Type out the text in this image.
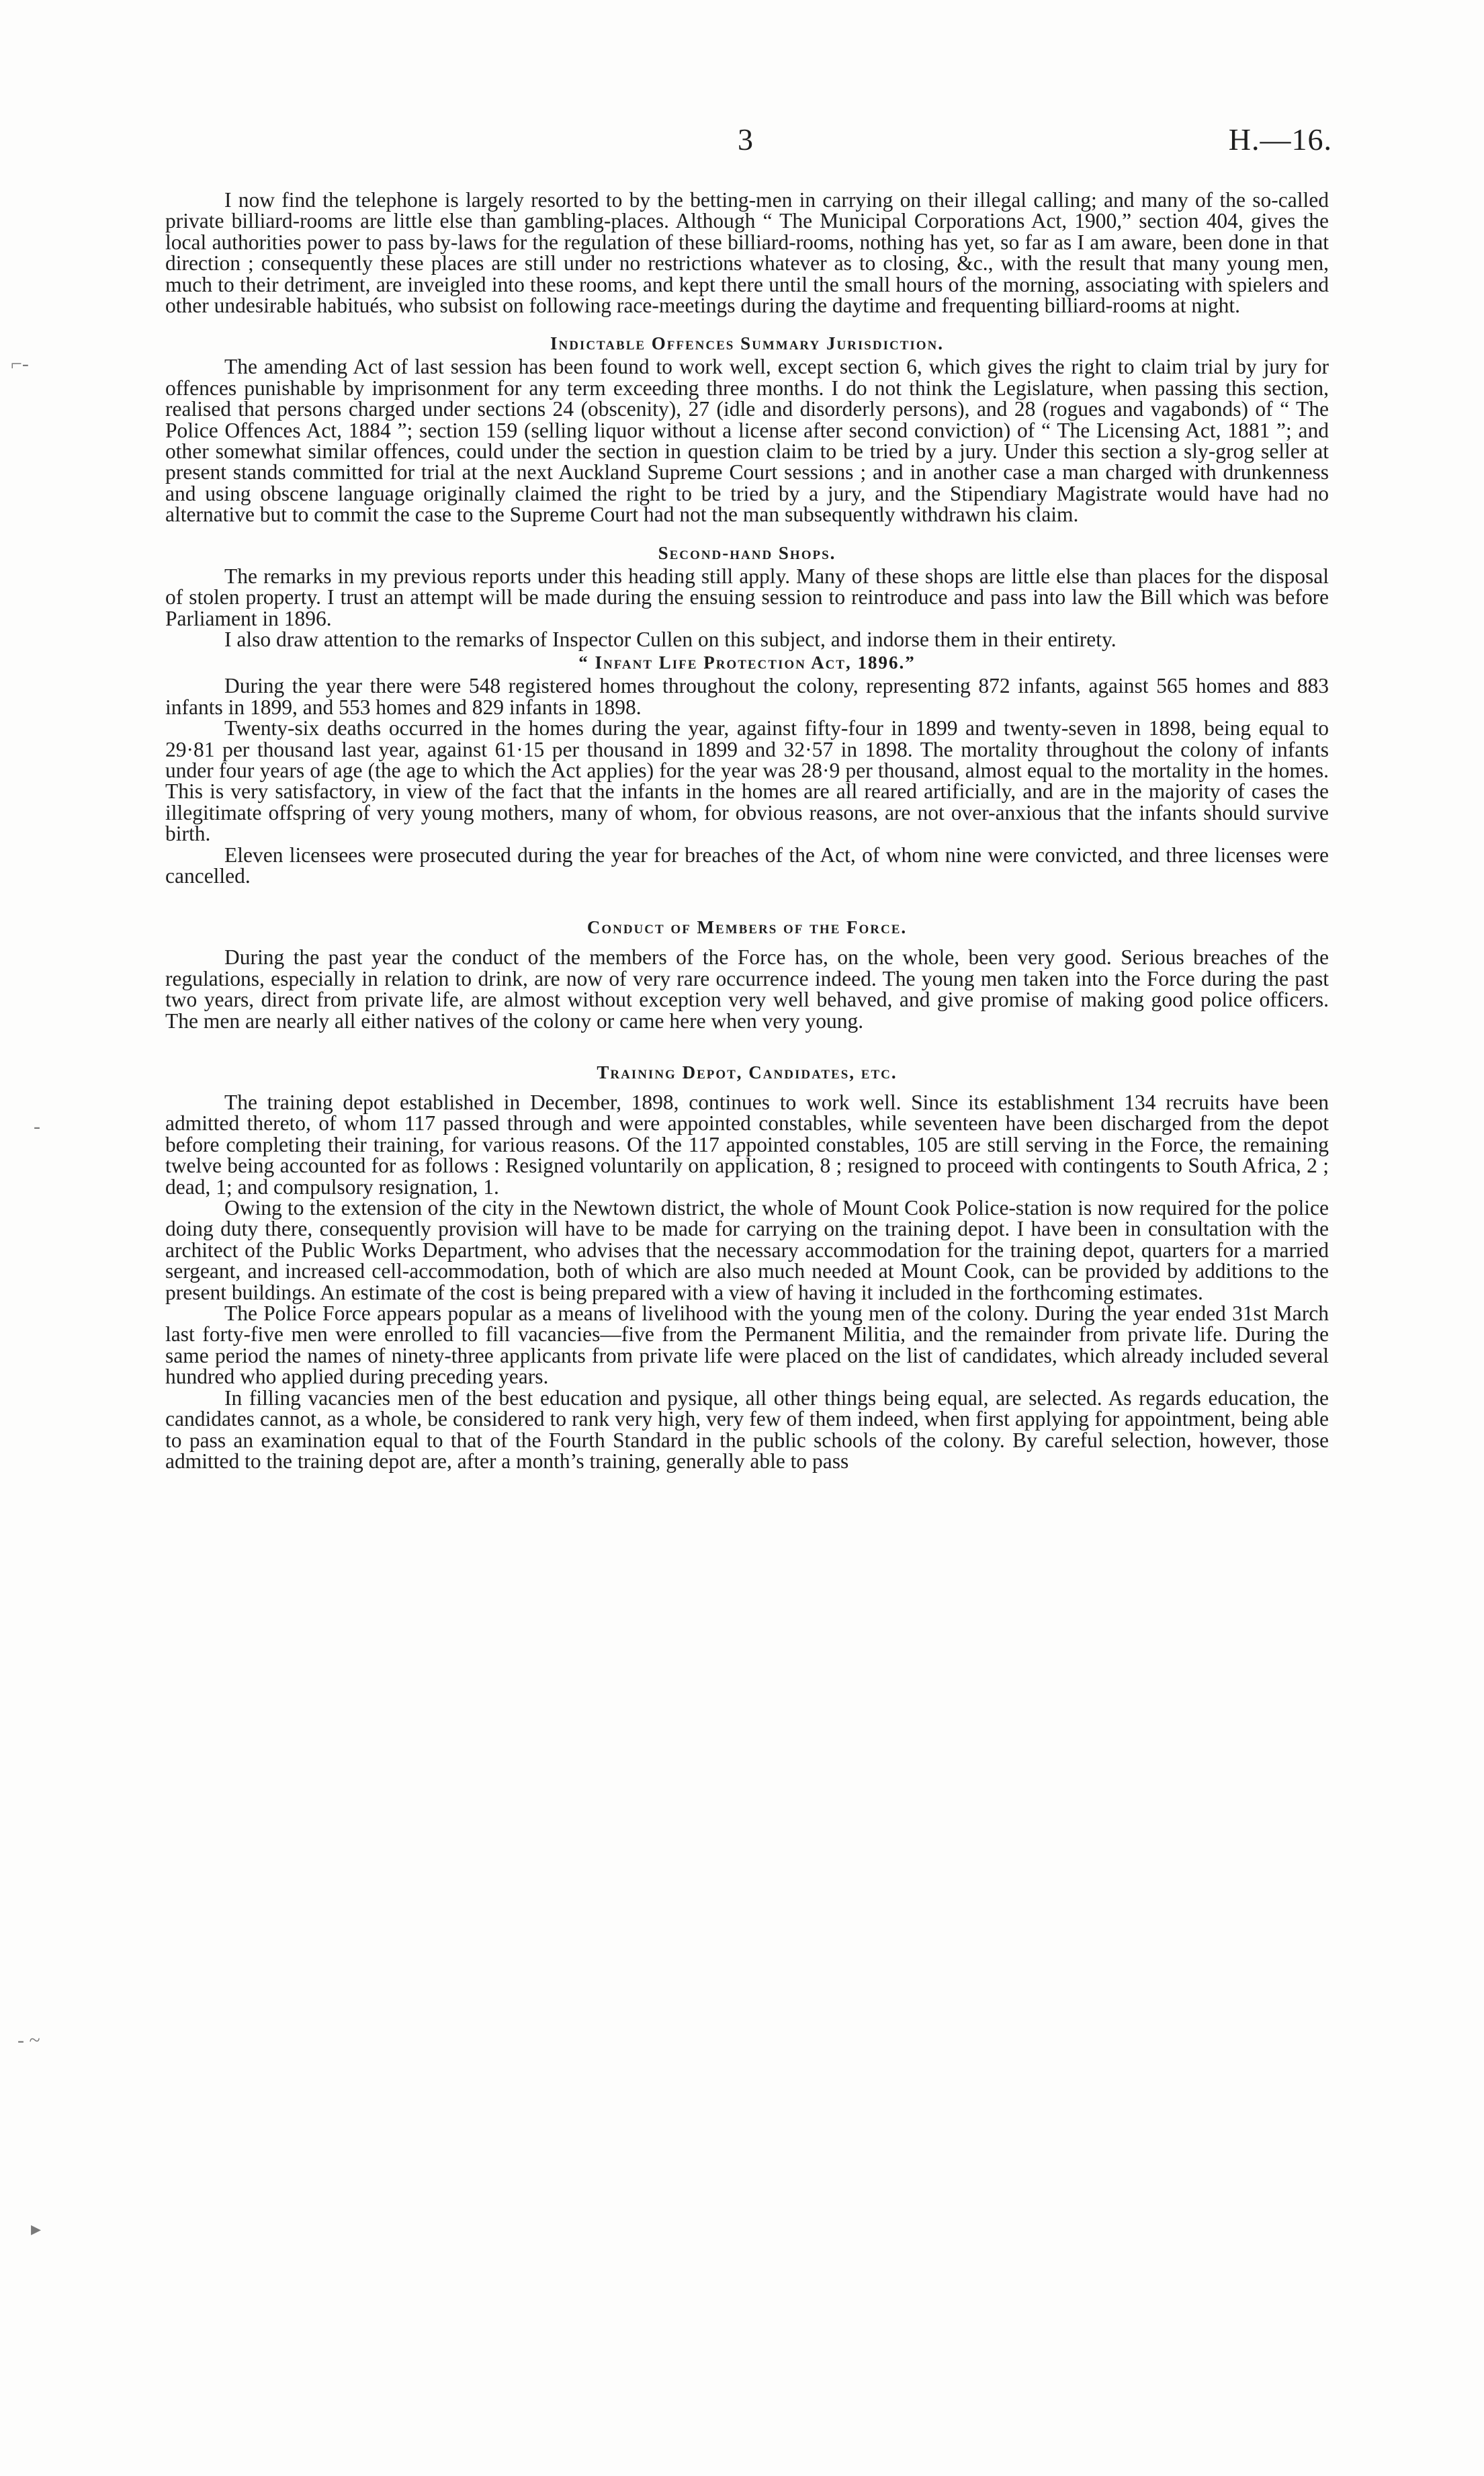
3	H.—16.

I now find the telephone is largely resorted to by the betting-men in carrying on their illegal calling; and many of the so-called private billiard-rooms are little else than gambling-places. Although “ The Municipal Corporations Act, 1900,” section 404, gives the local authorities power to pass by-laws for the regulation of these billiard-rooms, nothing has yet, so far as I am aware, been done in that direction ; consequently these places are still under no restrictions whatever as to closing, &c., with the result that many young men, much to their detriment, are inveigled into these rooms, and kept there until the small hours of the morning, associating with spielers and other undesirable habitués, who subsist on following race-meetings during the daytime and frequenting billiard-rooms at night.

Indictable Offences Summary Jurisdiction.

The amending Act of last session has been found to work well, except section 6, which gives the right to claim trial by jury for offences punishable by imprisonment for any term exceeding three months. I do not think the Legislature, when passing this section, realised that persons charged under sections 24 (obscenity), 27 (idle and disorderly persons), and 28 (rogues and vagabonds) of “ The Police Offences Act, 1884 ”; section 159 (selling liquor without a license after second conviction) of “ The Licensing Act, 1881 ”; and other somewhat similar offences, could under the section in question claim to be tried by a jury. Under this section a sly-grog seller at present stands committed for trial at the next Auckland Supreme Court sessions ; and in another case a man charged with drunkenness and using obscene language originally claimed the right to be tried by a jury, and the Stipendiary Magistrate would have had no alternative but to commit the case to the Supreme Court had not the man subsequently withdrawn his claim.

Second-hand Shops.

The remarks in my previous reports under this heading still apply. Many of these shops are little else than places for the disposal of stolen property. I trust an attempt will be made during the ensuing session to reintroduce and pass into law the Bill which was before Parliament in 1896.

I also draw attention to the remarks of Inspector Cullen on this subject, and indorse them in their entirety.

“ Infant Life Protection Act, 1896.”

During the year there were 548 registered homes throughout the colony, representing 872 infants, against 565 homes and 883 infants in 1899, and 553 homes and 829 infants in 1898.

Twenty-six deaths occurred in the homes during the year, against fifty-four in 1899 and twenty-seven in 1898, being equal to 29·81 per thousand last year, against 61·15 per thousand in 1899 and 32·57 in 1898. The mortality throughout the colony of infants under four years of age (the age to which the Act applies) for the year was 28·9 per thousand, almost equal to the mortality in the homes. This is very satisfactory, in view of the fact that the infants in the homes are all reared artificially, and are in the majority of cases the illegitimate offspring of very young mothers, many of whom, for obvious reasons, are not over-anxious that the infants should survive birth.

Eleven licensees were prosecuted during the year for breaches of the Act, of whom nine were convicted, and three licenses were cancelled.

Conduct of Members of the Force.

During the past year the conduct of the members of the Force has, on the whole, been very good. Serious breaches of the regulations, especially in relation to drink, are now of very rare occurrence indeed. The young men taken into the Force during the past two years, direct from private life, are almost without exception very well behaved, and give promise of making good police officers. The men are nearly all either natives of the colony or came here when very young.

Training Depot, Candidates, etc.

The training depot established in December, 1898, continues to work well. Since its establishment 134 recruits have been admitted thereto, of whom 117 passed through and were appointed constables, while seventeen have been discharged from the depot before completing their training, for various reasons. Of the 117 appointed constables, 105 are still serving in the Force, the remaining twelve being accounted for as follows : Resigned voluntarily on application, 8 ; resigned to proceed with contingents to South Africa, 2 ; dead, 1; and compulsory resignation, 1.

Owing to the extension of the city in the Newtown district, the whole of Mount Cook Police-station is now required for the police doing duty there, consequently provision will have to be made for carrying on the training depot. I have been in consultation with the architect of the Public Works Department, who advises that the necessary accommodation for the training depot, quarters for a married sergeant, and increased cell-accommodation, both of which are also much needed at Mount Cook, can be provided by additions to the present buildings. An estimate of the cost is being prepared with a view of having it included in the forthcoming estimates.

The Police Force appears popular as a means of livelihood with the young men of the colony. During the year ended 31st March last forty-five men were enrolled to fill vacancies—five from the Permanent Militia, and the remainder from private life. During the same period the names of ninety-three applicants from private life were placed on the list of candidates, which already included several hundred who applied during preceding years.

In filling vacancies men of the best education and pysique, all other things being equal, are selected. As regards education, the candidates cannot, as a whole, be considered to rank very high, very few of them indeed, when first applying for appointment, being able to pass an examination equal to that of the Fourth Standard in the public schools of the colony. By careful selection, however, those admitted to the training depot are, after a month’s training, generally able to pass

⌐-
-
- ~
▸
